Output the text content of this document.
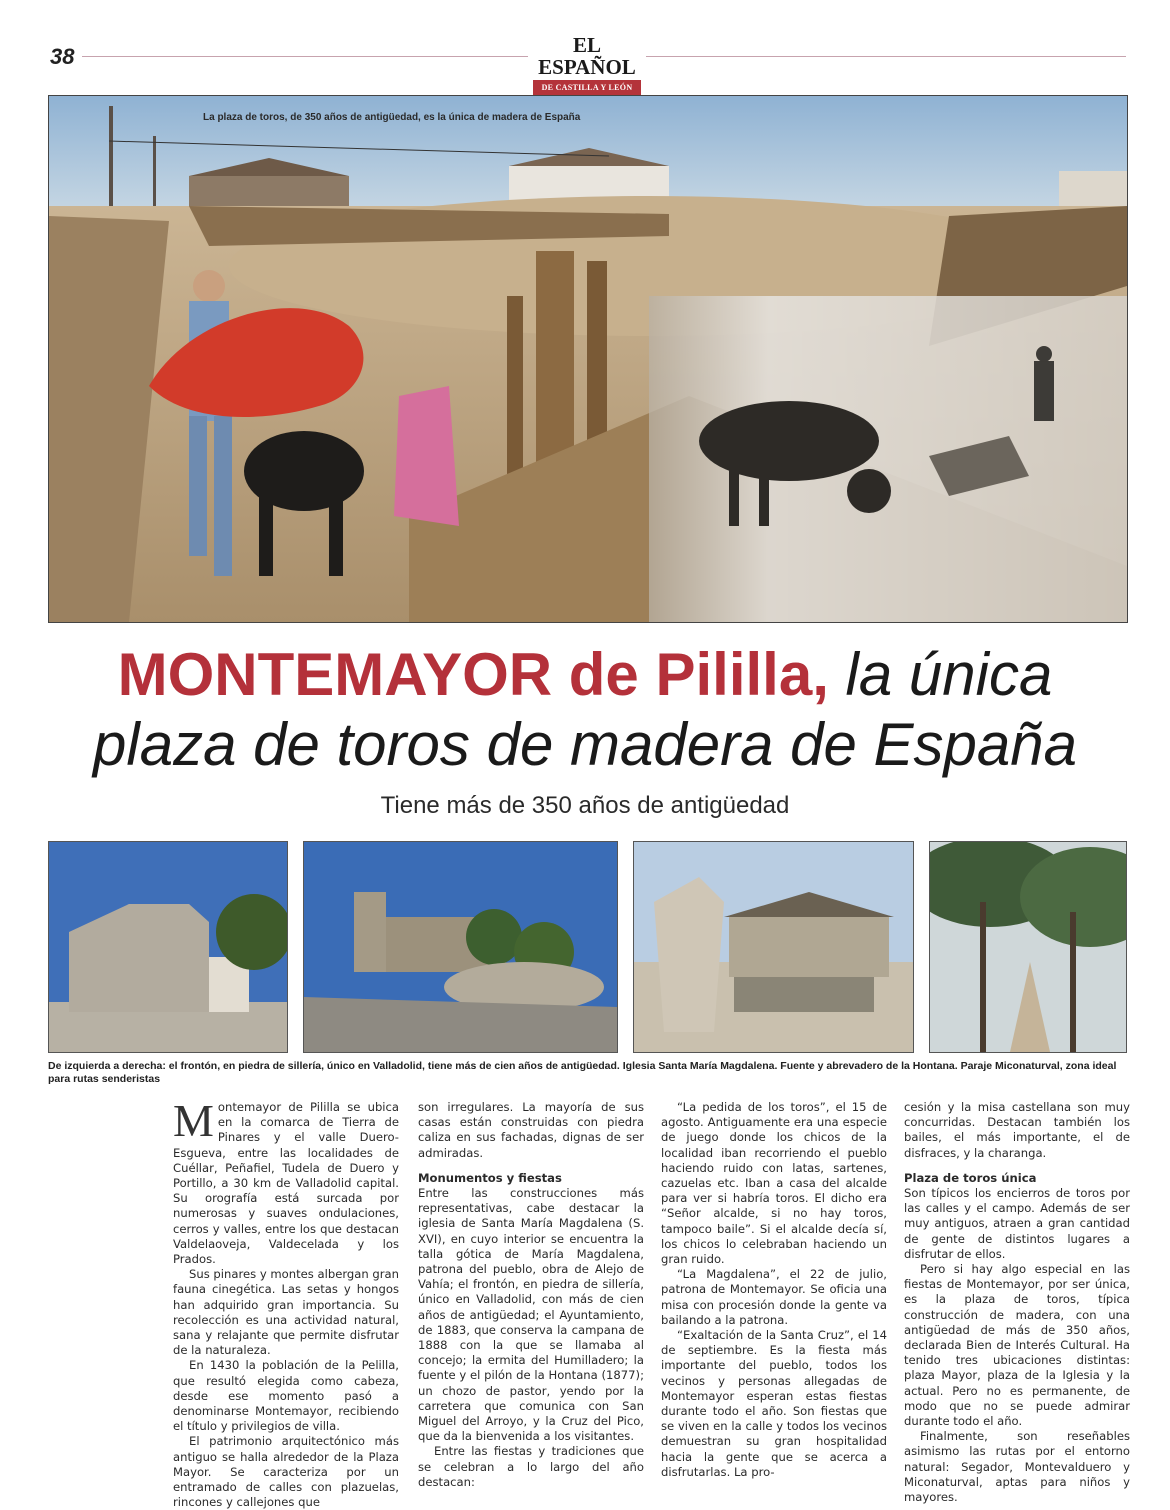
38	EL ESPAÑOL
DE CASTILLA Y LEÓN
La plaza de toros, de 350 años de antigüedad, es la única de madera de España
MONTEMAYOR de Pililla, la única
plaza de toros de madera de España
Tiene más de 350 años de antigüedad
De izquierda a derecha: el frontón, en piedra de sillería, único en Valladolid, tiene más de cien años de antigüedad. Iglesia Santa María Magdalena. Fuente y abrevadero de la Hontana. Paraje Miconaturval, zona ideal para rutas senderistas

Montemayor de Pililla se ubica en la comarca de Tierra de Pinares y el valle Duero-Esgueva, entre las localidades de Cuéllar, Peñafiel, Tudela de Duero y Portillo, a 30 km de Valladolid capital. Su orografía está surcada por numerosas y suaves ondulaciones, cerros y valles, entre los que destacan Valdelaoveja, Valdecelada y los Prados.

Sus pinares y montes albergan gran fauna cinegética. Las setas y hongos han adquirido gran importancia. Su recolección es una actividad natural, sana y relajante que permite disfrutar de la naturaleza.

En 1430 la población de la Pelilla, que resultó elegida como cabeza, desde ese momento pasó a denominarse Montemayor, recibiendo el título y privilegios de villa.

El patrimonio arquitectónico más antiguo se halla alrededor de la Plaza Mayor. Se caracteriza por un entramado de calles con plazuelas, rincones y callejones que

son irregulares. La mayoría de sus casas están construidas con piedra caliza en sus fachadas, dignas de ser admiradas.

Monumentos y fiestas

Entre las construcciones más representativas, cabe destacar la iglesia de Santa María Magdalena (S. XVI), en cuyo interior se encuentra la talla gótica de María Magdalena, patrona del pueblo, obra de Alejo de Vahía; el frontón, en piedra de sillería, único en Valladolid, con más de cien años de antigüedad; el Ayuntamiento, de 1883, que conserva la campana de 1888 con la que se llamaba al concejo; la ermita del Humilladero; la fuente y el pilón de la Hontana (1877); un chozo de pastor, yendo por la carretera que comunica con San Miguel del Arroyo, y la Cruz del Pico, que da la bienvenida a los visitantes.

Entre las fiestas y tradiciones que se celebran a lo largo del año destacan:

“La pedida de los toros”, el 15 de agosto. Antiguamente era una especie de juego donde los chicos de la localidad iban recorriendo el pueblo haciendo ruido con latas, sartenes, cazuelas etc. Iban a casa del alcalde para ver si habría toros. El dicho era “Señor alcalde, si no hay toros, tampoco baile”. Si el alcalde decía sí, los chicos lo celebraban haciendo un gran ruido.

“La Magdalena”, el 22 de julio, patrona de Montemayor. Se oficia una misa con procesión donde la gente va bailando a la patrona.

“Exaltación de la Santa Cruz”, el 14 de septiembre. Es la fiesta más importante del pueblo, todos los vecinos y personas allegadas de Montemayor esperan estas fiestas durante todo el año. Son fiestas que se viven en la calle y todos los vecinos demuestran su gran hospitalidad hacia la gente que se acerca a disfrutarlas. La pro-

cesión y la misa castellana son muy concurridas. Destacan también los bailes, el más importante, el de disfraces, y la charanga.

Plaza de toros única

Son típicos los encierros de toros por las calles y el campo. Además de ser muy antiguos, atraen a gran cantidad de gente de distintos lugares a disfrutar de ellos.

Pero si hay algo especial en las fiestas de Montemayor, por ser única, es la plaza de toros, típica construcción de madera, con una antigüedad de más de 350 años, declarada Bien de Interés Cultural. Ha tenido tres ubicaciones distintas: plaza Mayor, plaza de la Iglesia y la actual. Pero no es permanente, de modo que no se puede admirar durante todo el año.

Finalmente, son reseñables asimismo las rutas por el entorno natural: Segador, Montevalduero y Miconaturval, aptas para niños y mayores.
